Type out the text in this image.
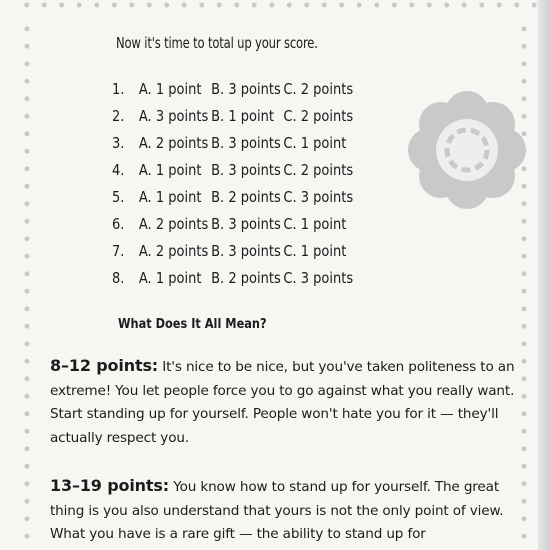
Now it's time to total up your score.
1. A. 1 point B. 3 points C. 2 points
2. A. 3 points B. 1 point C. 2 points
3. A. 2 points B. 3 points C. 1 point
4. A. 1 point B. 3 points C. 2 points
5. A. 1 point B. 2 points C. 3 points
6. A. 2 points B. 3 points C. 1 point
7. A. 2 points B. 3 points C. 1 point
8. A. 1 point B. 2 points C. 3 points
What Does It All Mean?
8–12 points: It's nice to be nice, but you've taken politeness to an extreme! You let people force you to go against what you really want. Start standing up for yourself. People won't hate you for it — they'll actually respect you.
13–19 points: You know how to stand up for yourself. The great thing is you also understand that yours is not the only point of view. What you have is a rare gift — the ability to stand up for
